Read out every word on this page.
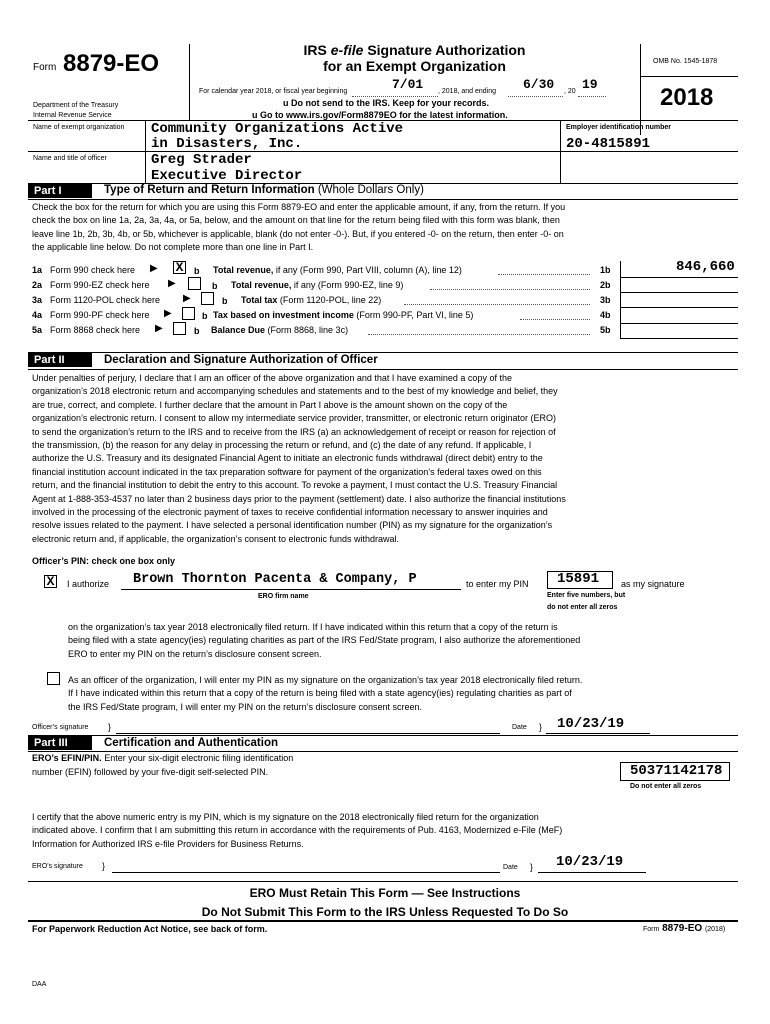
Form 8879-EO
Department of the Treasury
Internal Revenue Service
IRS e-file Signature Authorization
for an Exempt Organization
For calendar year 2018, or fiscal year beginning	7/01 , 2018, and ending 6/30 , 20 19
u Do not send to the IRS. Keep for your records.
u Go to www.irs.gov/Form8879EO for the latest information.
OMB No. 1545-1878
2018
Name of exempt organization Community Organizations Active
in Disasters, Inc.
Employer identification number
20-4815891
Name and title of officer	Greg Strader
Executive Director
Part I	Type of Return and Return Information (Whole Dollars Only)
Check the box for the return for which you are using this Form 8879-EO and enter the applicable amount, if any, from the return. If you
check the box on line 1a, 2a, 3a, 4a, or 5a, below, and the amount on that line for the return being filed with this form was blank, then
leave line 1b, 2b, 3b, 4b, or 5b, whichever is applicable, blank (do not enter -0-). But, if you entered -0- on the return, then enter -0- on
the applicable line below. Do not complete more than one line in Part I.
1a Form 990 check here ▶ X b Total revenue, if any (Form 990, Part VIII, column (A), line 12)	1b	846,660
2a Form 990-EZ check here ▶	b Total revenue, if any (Form 990-EZ, line 9)	2b
3a Form 1120-POL check here ▶	b Total tax (Form 1120-POL, line 22)	3b
4a Form 990-PF check here ▶	b Tax based on investment income (Form 990-PF, Part VI, line 5)	4b
5a Form 8868 check here ▶	b Balance Due (Form 8868, line 3c)	5b
Part II	Declaration and Signature Authorization of Officer
Under penalties of perjury, I declare that I am an officer of the above organization and that I have examined a copy of the
organization’s 2018 electronic return and accompanying schedules and statements and to the best of my knowledge and belief, they
are true, correct, and complete. I further declare that the amount in Part I above is the amount shown on the copy of the
organization’s electronic return. I consent to allow my intermediate service provider, transmitter, or electronic return originator (ERO)
to send the organization’s return to the IRS and to receive from the IRS (a) an acknowledgement of receipt or reason for rejection of
the transmission, (b) the reason for any delay in processing the return or refund, and (c) the date of any refund. If applicable, I
authorize the U.S. Treasury and its designated Financial Agent to initiate an electronic funds withdrawal (direct debit) entry to the
financial institution account indicated in the tax preparation software for payment of the organization’s federal taxes owed on this
return, and the financial institution to debit the entry to this account. To revoke a payment, I must contact the U.S. Treasury Financial
Agent at 1-888-353-4537 no later than 2 business days prior to the payment (settlement) date. I also authorize the financial institutions
involved in the processing of the electronic payment of taxes to receive confidential information necessary to answer inquiries and
resolve issues related to the payment. I have selected a personal identification number (PIN) as my signature for the organization’s
electronic return and, if applicable, the organization’s consent to electronic funds withdrawal.
Officer’s PIN: check one box only
X I authorize Brown Thornton Pacenta & Company, P
ERO firm name
to enter my PIN 15891 as my signature
Enter five numbers, but
do not enter all zeros
on the organization’s tax year 2018 electronically filed return. If I have indicated within this return that a copy of the return is
being filed with a state agency(ies) regulating charities as part of the IRS Fed/State program, I also authorize the aforementioned
ERO to enter my PIN on the return’s disclosure consent screen.
As an officer of the organization, I will enter my PIN as my signature on the organization’s tax year 2018 electronically filed return.
If I have indicated within this return that a copy of the return is being filed with a state agency(ies) regulating charities as part of
the IRS Fed/State program, I will enter my PIN on the return’s disclosure consent screen.
Officer’s signature }	Date } 10/23/19
Part III	Certification and Authentication
ERO’s EFIN/PIN. Enter your six-digit electronic filing identification
number (EFIN) followed by your five-digit self-selected PIN.	50371142178
Do not enter all zeros
I certify that the above numeric entry is my PIN, which is my signature on the 2018 electronically filed return for the organization
indicated above. I confirm that I am submitting this return in accordance with the requirements of Pub. 4163, Modernized e-File (MeF)
Information for Authorized IRS e-file Providers for Business Returns.
ERO’s signature }	Date } 10/23/19
ERO Must Retain This Form — See Instructions
Do Not Submit This Form to the IRS Unless Requested To Do So
For Paperwork Reduction Act Notice, see back of form.	Form 8879-EO (2018)
DAA
